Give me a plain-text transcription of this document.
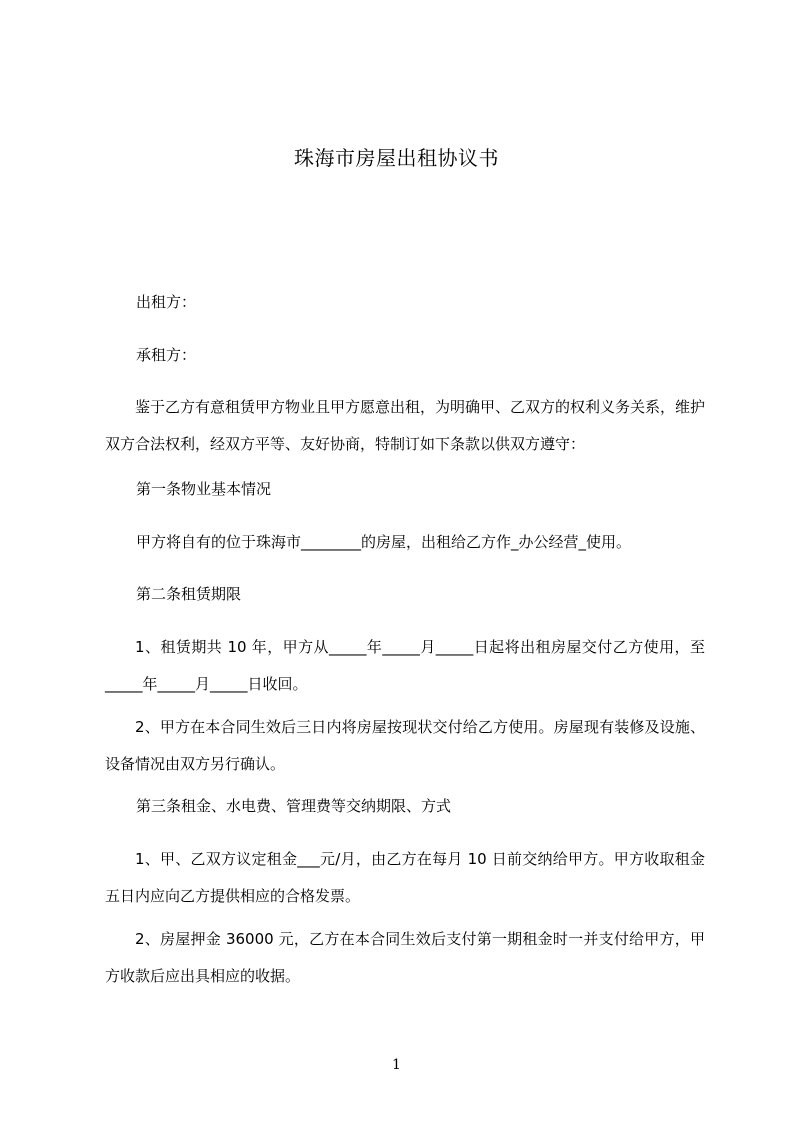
珠海市房屋出租协议书
出租方：
承租方：
鉴于乙方有意租赁甲方物业且甲方愿意出租，为明确甲、乙双方的权利义务关系，维护双方合法权利，经双方平等、友好协商，特制订如下条款以供双方遵守：
第一条物业基本情况
甲方将自有的位于珠海市________的房屋，出租给乙方作_办公经营_使用。
第二条租赁期限
1、租赁期共 10 年，甲方从_____年_____月_____日起将出租房屋交付乙方使用，至_____年_____月_____日收回。
2、甲方在本合同生效后三日内将房屋按现状交付给乙方使用。房屋现有装修及设施、设备情况由双方另行确认。
第三条租金、水电费、管理费等交纳期限、方式
1、甲、乙双方议定租金___元/月，由乙方在每月 10 日前交纳给甲方。甲方收取租金五日内应向乙方提供相应的合格发票。
2、房屋押金 36000 元，乙方在本合同生效后支付第一期租金时一并支付给甲方，甲方收款后应出具相应的收据。
1
